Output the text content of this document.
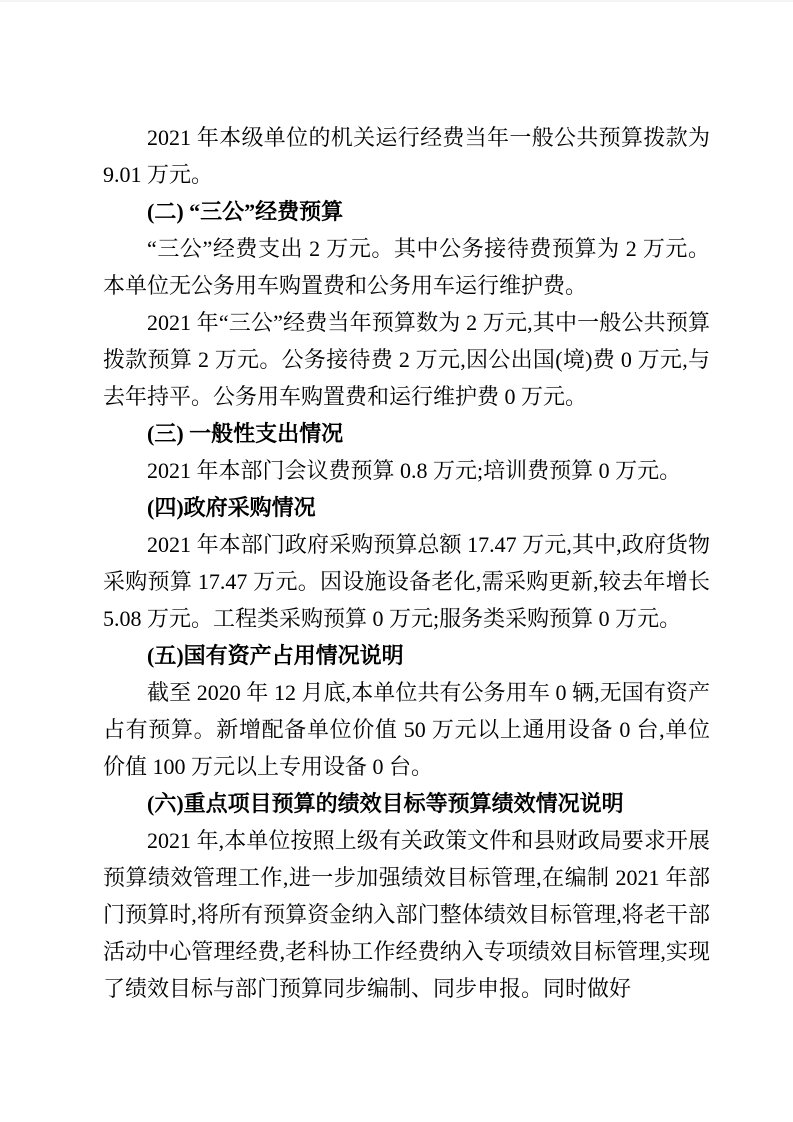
2021 年本级单位的机关运行经费当年一般公共预算拨款为 9.01 万元。

(二) “三公”经费预算

“三公”经费支出 2 万元。其中公务接待费预算为 2 万元。本单位无公务用车购置费和公务用车运行维护费。

2021 年“三公”经费当年预算数为 2 万元,其中一般公共预算拨款预算 2 万元。公务接待费 2 万元,因公出国(境)费 0 万元,与去年持平。公务用车购置费和运行维护费 0 万元。

(三) 一般性支出情况

2021 年本部门会议费预算 0.8 万元;培训费预算 0 万元。

(四)政府采购情况

2021 年本部门政府采购预算总额 17.47 万元,其中,政府货物采购预算 17.47 万元。因设施设备老化,需采购更新,较去年增长 5.08 万元。工程类采购预算 0 万元;服务类采购预算 0 万元。

(五)国有资产占用情况说明

截至 2020 年 12 月底,本单位共有公务用车 0 辆,无国有资产占有预算。新增配备单位价值 50 万元以上通用设备 0 台,单位价值 100 万元以上专用设备 0 台。

(六)重点项目预算的绩效目标等预算绩效情况说明

2021 年,本单位按照上级有关政策文件和县财政局要求开展预算绩效管理工作,进一步加强绩效目标管理,在编制 2021 年部门预算时,将所有预算资金纳入部门整体绩效目标管理,将老干部活动中心管理经费,老科协工作经费纳入专项绩效目标管理,实现了绩效目标与部门预算同步编制、同步申报。同时做好
